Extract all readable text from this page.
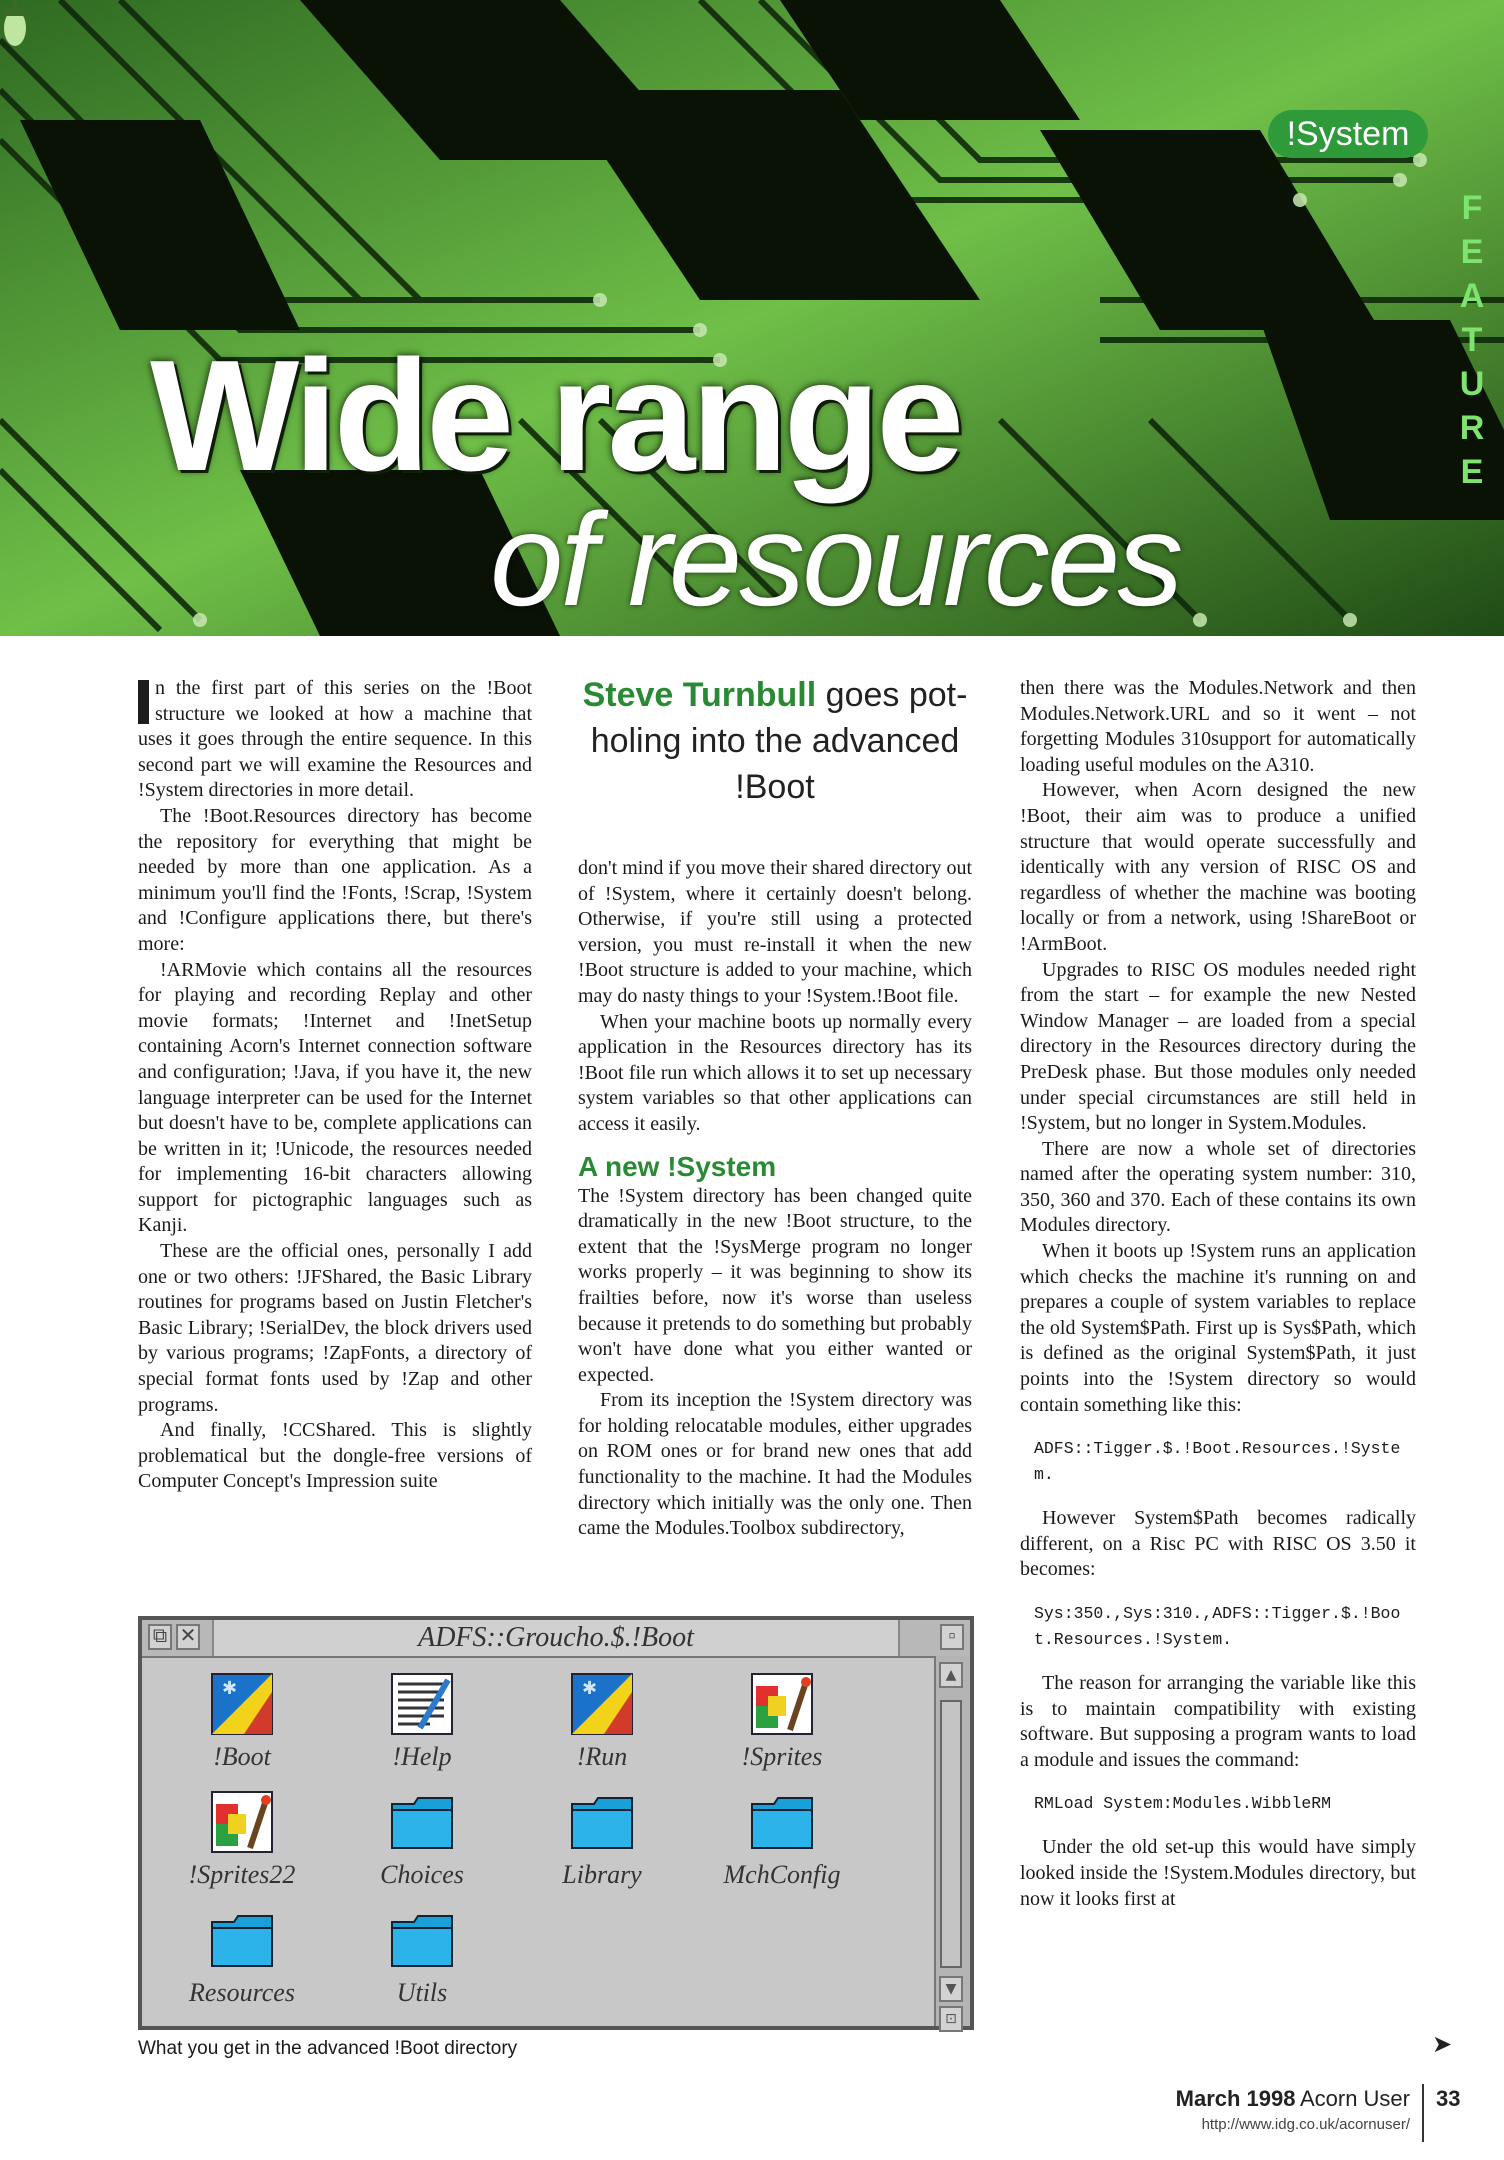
!System
F
E
A
T
U
R
E
Wide range
of resources
Steve Turnbull goes pot-holing into the advanced !Boot

n the first part of this series on the !Boot structure we looked at how a machine that uses it goes through the entire sequence. In this second part we will examine the Resources and !System directories in more detail.

The !Boot.Resources directory has become the repository for everything that might be needed by more than one application. As a minimum you'll find the !Fonts, !Scrap, !System and !Configure applications there, but there's more:

!ARMovie which contains all the resources for playing and recording Replay and other movie formats; !Internet and !InetSetup containing Acorn's Internet connection software and configuration; !Java, if you have it, the new language interpreter can be used for the Internet but doesn't have to be, complete applications can be written in it; !Unicode, the resources needed for implementing 16-bit characters allowing support for pictographic languages such as Kanji.

These are the official ones, personally I add one or two others: !JFShared, the Basic Library routines for programs based on Justin Fletcher's Basic Library; !SerialDev, the block drivers used by various programs; !ZapFonts, a directory of special format fonts used by !Zap and other programs.

And finally, !CCShared. This is slightly problematical but the dongle-free versions of Computer Concept's Impression suite

don't mind if you move their shared directory out of !System, where it certainly doesn't belong. Otherwise, if you're still using a protected version, you must re-install it when the new !Boot structure is added to your machine, which may do nasty things to your !System.!Boot file.

When your machine boots up normally every application in the Resources directory has its !Boot file run which allows it to set up necessary system variables so that other applications can access it easily.

A new !System

The !System directory has been changed quite dramatically in the new !Boot structure, to the extent that the !SysMerge program no longer works properly – it was beginning to show its frailties before, now it's worse than useless because it pretends to do something but probably won't have done what you either wanted or expected.

From its inception the !System directory was for holding relocatable modules, either upgrades on ROM ones or for brand new ones that add functionality to the machine. It had the Modules directory which initially was the only one. Then came the Modules.Toolbox subdirectory,

then there was the Modules.Network and then Modules.Network.URL and so it went – not forgetting Modules 310support for automatically loading useful modules on the A310.

However, when Acorn designed the new !Boot, their aim was to produce a unified structure that would operate successfully and identically with any version of RISC OS and regardless of whether the machine was booting locally or from a network, using !ShareBoot or !ArmBoot.

Upgrades to RISC OS modules needed right from the start – for example the new Nested Window Manager – are loaded from a special directory in the Resources directory during the PreDesk phase. But those modules only needed under special circumstances are still held in !System, but no longer in System.Modules.

There are now a whole set of directories named after the operating system number: 310, 350, 360 and 370. Each of these contains its own Modules directory.

When it boots up !System runs an application which checks the machine it's running on and prepares a couple of system variables to replace the old System$Path. First up is Sys$Path, which is defined as the original System$Path, it just points into the !System directory so would contain something like this:

ADFS::Tigger.$.!Boot.Resources.!System.

However System$Path becomes radically different, on a Risc PC with RISC OS 3.50 it becomes:

Sys:350.,Sys:310.,ADFS::Tigger.$.!Boot.Resources.!System.

The reason for arranging the variable like this is to maintain compatibility with existing software. But supposing a program wants to load a module and issues the command:

RMLoad System:Modules.WibbleRM

Under the old set-up this would have simply looked inside the !System.Modules directory, but now it looks first at

⧉ ✕	ADFS::Groucho.$.!Boot	▫
▲
▼
⊡
✱
!Boot	!Help
✱
!Run	!Sprites
!Sprites22	Choices	Library	MchConfig
Resources	Utils
What you get in the advanced !Boot directory	➤
March 1998 Acorn User
http://www.idg.co.uk/acornuser/
33
